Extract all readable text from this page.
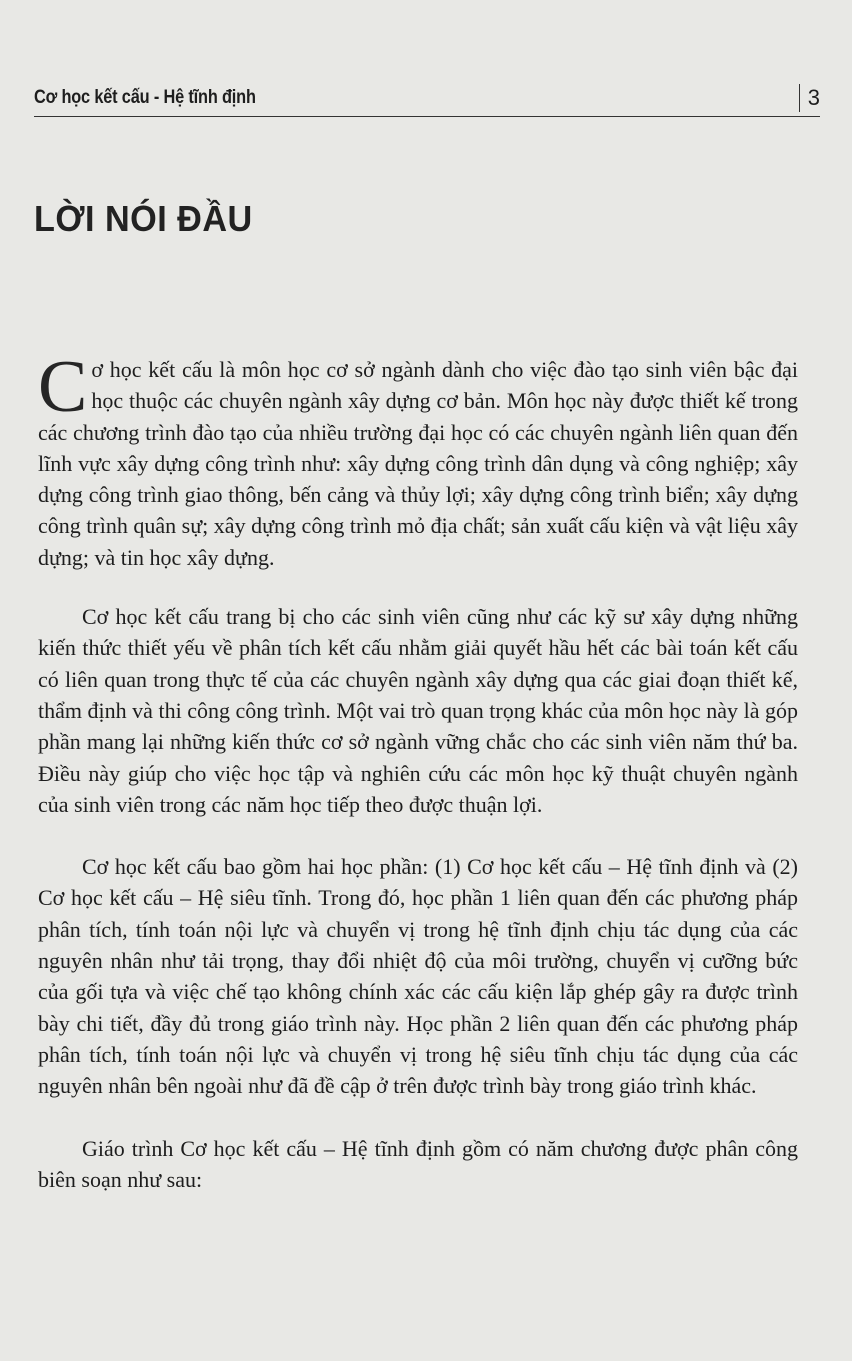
Cơ học kết cấu - Hệ tĩnh định	3
LỜI NÓI ĐẦU

Cơ học kết cấu là môn học cơ sở ngành dành cho việc đào tạo sinh viên bậc đại học thuộc các chuyên ngành xây dựng cơ bản. Môn học này được thiết kế trong các chương trình đào tạo của nhiều trường đại học có các chuyên ngành liên quan đến lĩnh vực xây dựng công trình như: xây dựng công trình dân dụng và công nghiệp; xây dựng công trình giao thông, bến cảng và thủy lợi; xây dựng công trình biển; xây dựng công trình quân sự; xây dựng công trình mỏ địa chất; sản xuất cấu kiện và vật liệu xây dựng; và tin học xây dựng.

Cơ học kết cấu trang bị cho các sinh viên cũng như các kỹ sư xây dựng những kiến thức thiết yếu về phân tích kết cấu nhằm giải quyết hầu hết các bài toán kết cấu có liên quan trong thực tế của các chuyên ngành xây dựng qua các giai đoạn thiết kế, thẩm định và thi công công trình. Một vai trò quan trọng khác của môn học này là góp phần mang lại những kiến thức cơ sở ngành vững chắc cho các sinh viên năm thứ ba. Điều này giúp cho việc học tập và nghiên cứu các môn học kỹ thuật chuyên ngành của sinh viên trong các năm học tiếp theo được thuận lợi.

Cơ học kết cấu bao gồm hai học phần: (1) Cơ học kết cấu – Hệ tĩnh định và (2) Cơ học kết cấu – Hệ siêu tĩnh. Trong đó, học phần 1 liên quan đến các phương pháp phân tích, tính toán nội lực và chuyển vị trong hệ tĩnh định chịu tác dụng của các nguyên nhân như tải trọng, thay đổi nhiệt độ của môi trường, chuyển vị cưỡng bức của gối tựa và việc chế tạo không chính xác các cấu kiện lắp ghép gây ra được trình bày chi tiết, đầy đủ trong giáo trình này. Học phần 2 liên quan đến các phương pháp phân tích, tính toán nội lực và chuyển vị trong hệ siêu tĩnh chịu tác dụng của các nguyên nhân bên ngoài như đã đề cập ở trên được trình bày trong giáo trình khác.

Giáo trình Cơ học kết cấu – Hệ tĩnh định gồm có năm chương được phân công biên soạn như sau:
